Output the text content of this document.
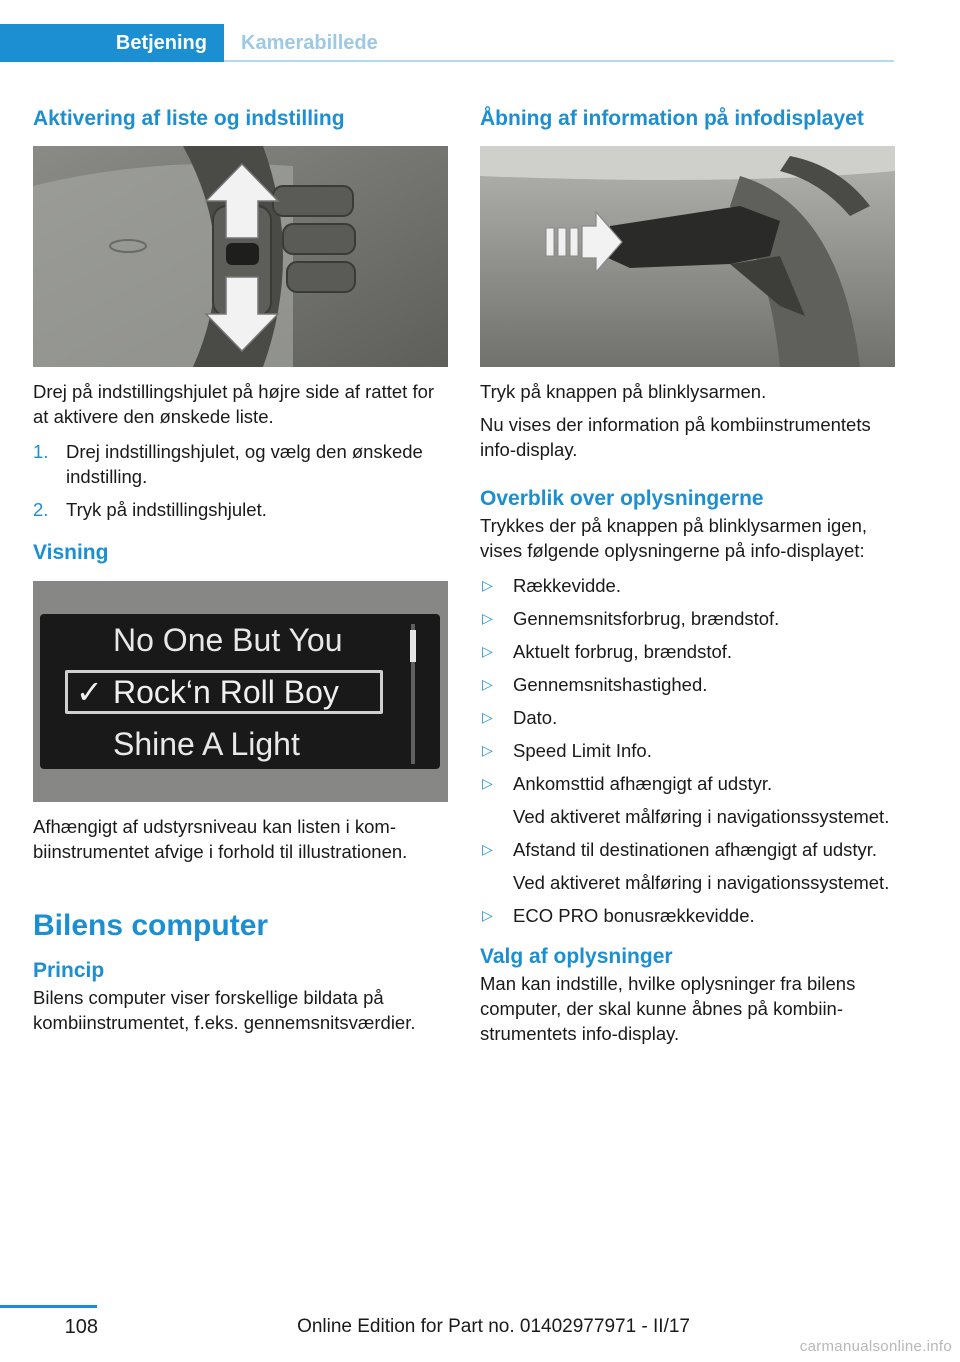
Betjening	Kamerabillede
Aktivering af liste og indstilling
Drej på indstillingshjulet på højre side af rattet for at aktivere den ønskede liste.
1. Drej indstillingshjulet, og vælg den ønskede indstilling.
2. Tryk på indstillingshjulet.
Visning
No One But You
✓ Rock‘n Roll Boy
Shine A Light
Afhængigt af udstyrsniveau kan listen i kombiinstrumentet afvige i forhold til illustrationen.
Bilens computer
Princip
Bilens computer viser forskellige bildata på kombiinstrumentet, f.eks. gennemsnitsværdier.
Åbning af information på infodisplayet
Tryk på knappen på blinklysarmen.
Nu vises der information på kombiinstrumentets info-display.
Overblik over oplysningerne
Trykkes der på knappen på blinklysarmen igen, vises følgende oplysningerne på info-displayet:
▷ Rækkevidde.
▷ Gennemsnitsforbrug, brændstof.
▷ Aktuelt forbrug, brændstof.
▷ Gennemsnitshastighed.
▷ Dato.
▷ Speed Limit Info.
▷ Ankomsttid afhængigt af udstyr.
Ved aktiveret målføring i navigationssystemet.
▷ Afstand til destinationen afhængigt af udstyr.
Ved aktiveret målføring i navigationssystemet.
▷ ECO PRO bonusrækkevidde.
Valg af oplysninger
Man kan indstille, hvilke oplysninger fra bilens computer, der skal kunne åbnes på kombiinstrumentets info-display.
108	Online Edition for Part no. 01402977971 - II/17
carmanualsonline.info
